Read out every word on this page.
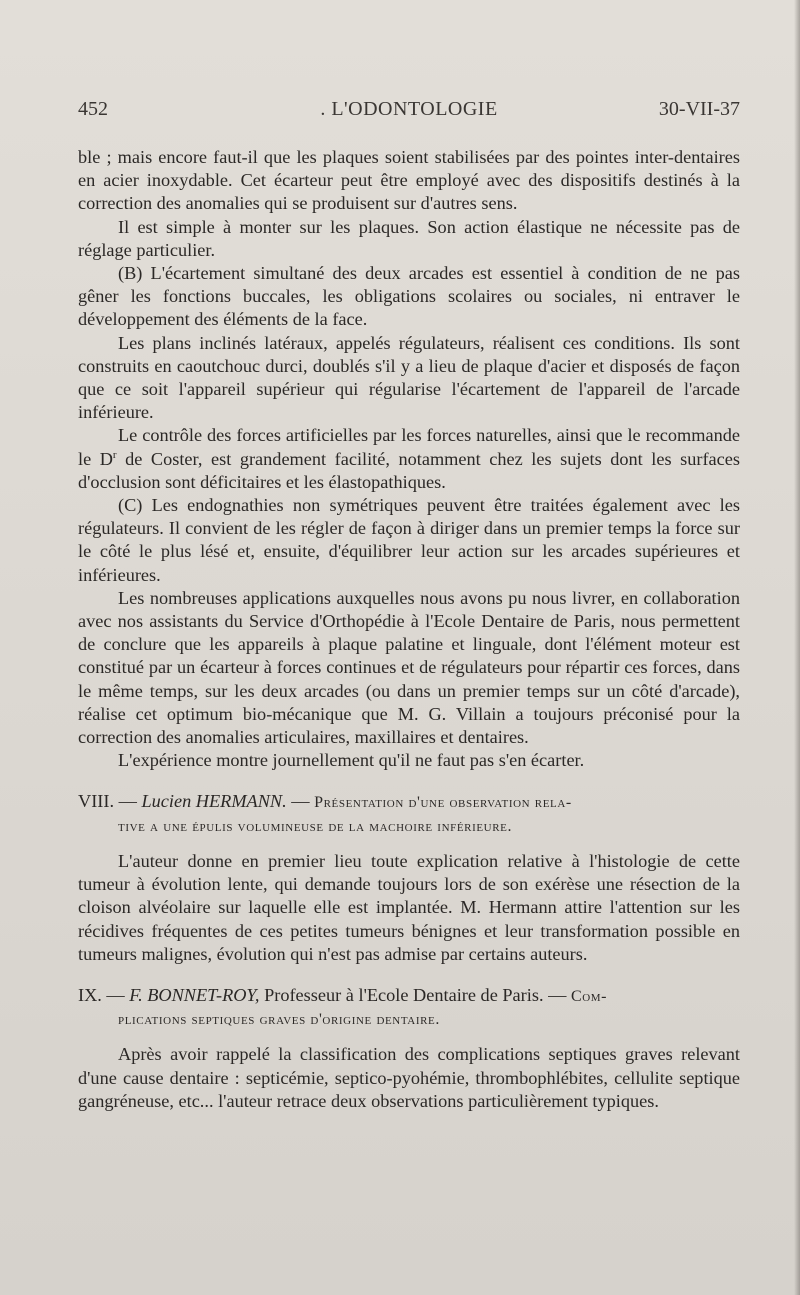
452	. L'ODONTOLOGIE	30-VII-37

ble ; mais encore faut-il que les plaques soient stabilisées par des pointes inter-dentaires en acier inoxydable. Cet écarteur peut être employé avec des dispositifs destinés à la correction des anomalies qui se produisent sur d'autres sens.

Il est simple à monter sur les plaques. Son action élastique ne nécessite pas de réglage particulier.

(B) L'écartement simultané des deux arcades est essentiel à condition de ne pas gêner les fonctions buccales, les obligations scolaires ou sociales, ni entraver le développement des éléments de la face.

Les plans inclinés latéraux, appelés régulateurs, réalisent ces conditions. Ils sont construits en caoutchouc durci, doublés s'il y a lieu de plaque d'acier et disposés de façon que ce soit l'appareil supérieur qui régularise l'écartement de l'appareil de l'arcade inférieure.

Le contrôle des forces artificielles par les forces naturelles, ainsi que le recommande le $D^r$ de Coster, est grandement facilité, notamment chez les sujets dont les surfaces d'occlusion sont déficitaires et les élastopathiques.

(C) Les endognathies non symétriques peuvent être traitées également avec les régulateurs. Il convient de les régler de façon à diriger dans un premier temps la force sur le côté le plus lésé et, ensuite, d'équilibrer leur action sur les arcades supérieures et inférieures.

Les nombreuses applications auxquelles nous avons pu nous livrer, en collaboration avec nos assistants du Service d'Orthopédie à l'Ecole Dentaire de Paris, nous permettent de conclure que les appareils à plaque palatine et linguale, dont l'élément moteur est constitué par un écarteur à forces continues et de régulateurs pour répartir ces forces, dans le même temps, sur les deux arcades (ou dans un premier temps sur un côté d'arcade), réalise cet optimum bio-mécanique que M. G. Villain a toujours préconisé pour la correction des anomalies articulaires, maxillaires et dentaires.

L'expérience montre journellement qu'il ne faut pas s'en écarter.

VIII. — Lucien HERMANN. — Présentation d'une observation rela-
tive a une épulis volumineuse de la machoire inférieure.

L'auteur donne en premier lieu toute explication relative à l'histologie de cette tumeur à évolution lente, qui demande toujours lors de son exérèse une résection de la cloison alvéolaire sur laquelle elle est implantée. M. Hermann attire l'attention sur les récidives fréquentes de ces petites tumeurs bénignes et leur transformation possible en tumeurs malignes, évolution qui n'est pas admise par certains auteurs.

IX. — F. BONNET-ROY, Professeur à l'Ecole Dentaire de Paris. — Com-
plications septiques graves d'origine dentaire.

Après avoir rappelé la classification des complications septiques graves relevant d'une cause dentaire : septicémie, septico-pyohémie, thrombophlébites, cellulite septique gangréneuse, etc... l'auteur retrace deux observations particulièrement typiques.
